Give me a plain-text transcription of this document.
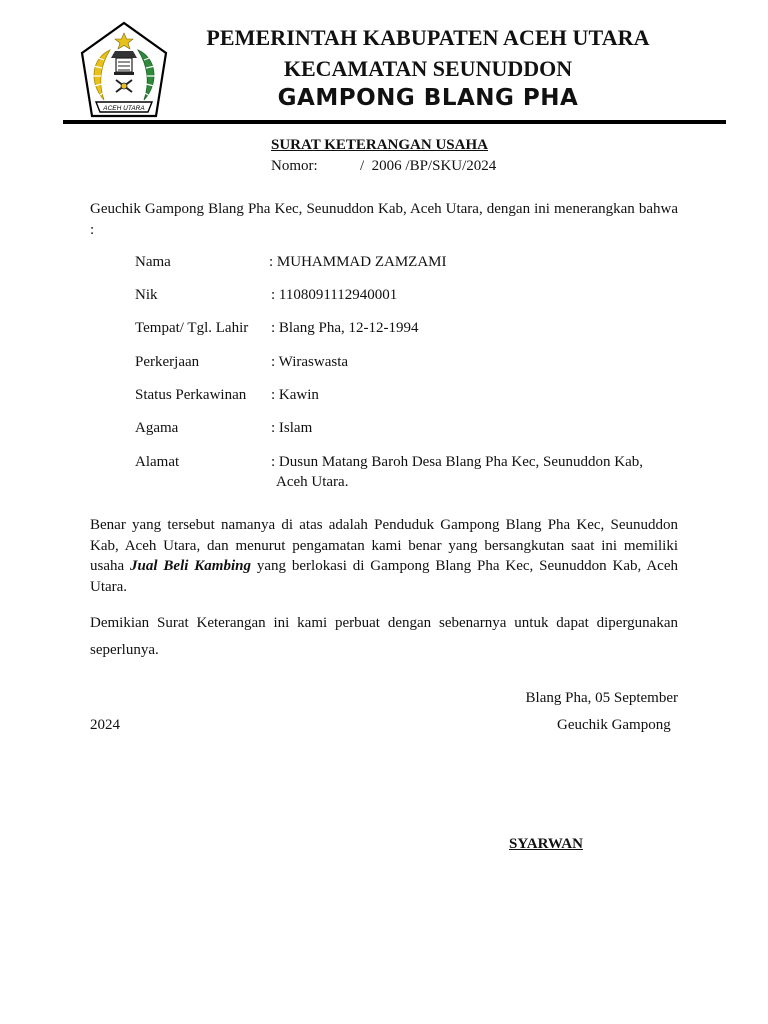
ACEH UTARA
PEMERINTAH KABUPATEN ACEH UTARA
KECAMATAN SEUNUDDON
GAMPONG BLANG PHA
SURAT KETERANGAN USAHA
Nomor:	/  2006 /BP/SKU/2024
Geuchik Gampong Blang Pha Kec, Seunuddon Kab, Aceh Utara, dengan ini menerangkan bahwa :
Nama	: MUHAMMAD ZAMZAMI
Nik	: 1108091112940001
Tempat/ Tgl. Lahir : Blang Pha, 12-12-1994
Perkerjaan	: Wiraswasta
Status Perkawinan : Kawin
Agama	: Islam
Alamat	: Dusun Matang Baroh Desa Blang Pha Kec, Seunuddon Kab,
Aceh Utara.
Benar yang tersebut namanya di atas adalah Penduduk Gampong Blang Pha Kec, Seunuddon Kab, Aceh Utara, dan menurut pengamatan kami benar yang bersangkutan saat ini memiliki usaha Jual Beli Kambing yang berlokasi di Gampong Blang Pha Kec, Seunuddon Kab, Aceh Utara.
Demikian Surat Keterangan ini kami perbuat dengan sebenarnya untuk dapat dipergunakan seperlunya.
Blang Pha, 05 September
2024	Geuchik Gampong
SYARWAN
